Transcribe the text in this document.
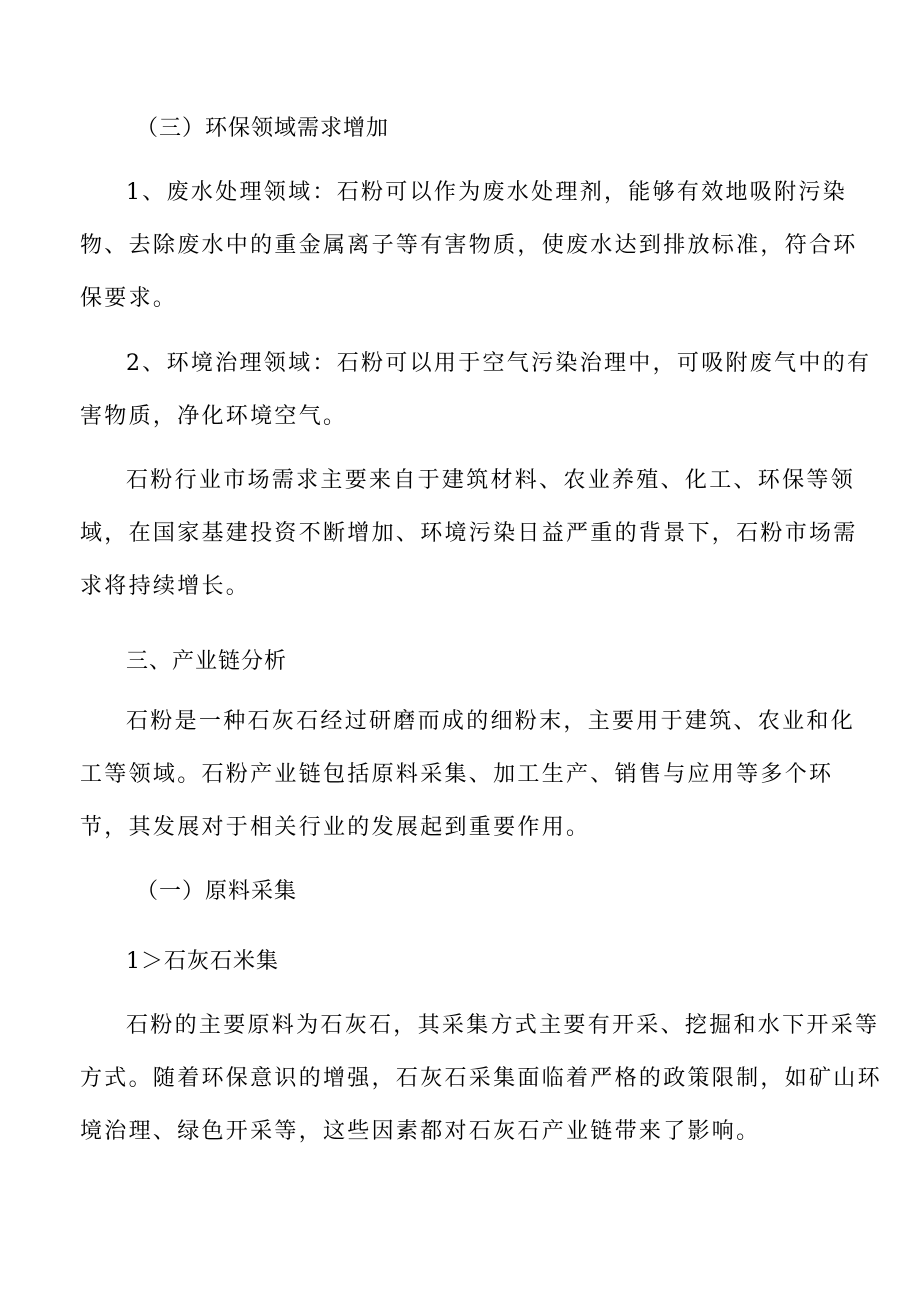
（三）环保领域需求增加
1、废水处理领域：石粉可以作为废水处理剂，能够有效地吸附污染
物、去除废水中的重金属离子等有害物质，使废水达到排放标准，符合环
保要求。
2、环境治理领域：石粉可以用于空气污染治理中，可吸附废气中的有
害物质，净化环境空气。
石粉行业市场需求主要来自于建筑材料、农业养殖、化工、环保等领
域，在国家基建投资不断增加、环境污染日益严重的背景下，石粉市场需
求将持续增长。
三、产业链分析
石粉是一种石灰石经过研磨而成的细粉末，主要用于建筑、农业和化
工等领域。石粉产业链包括原料采集、加工生产、销售与应用等多个环
节，其发展对于相关行业的发展起到重要作用。
（一）原料采集
1＞石灰石米集
石粉的主要原料为石灰石，其采集方式主要有开采、挖掘和水下开采等
方式。随着环保意识的增强，石灰石采集面临着严格的政策限制，如矿山环
境治理、绿色开采等，这些因素都对石灰石产业链带来了影响。
